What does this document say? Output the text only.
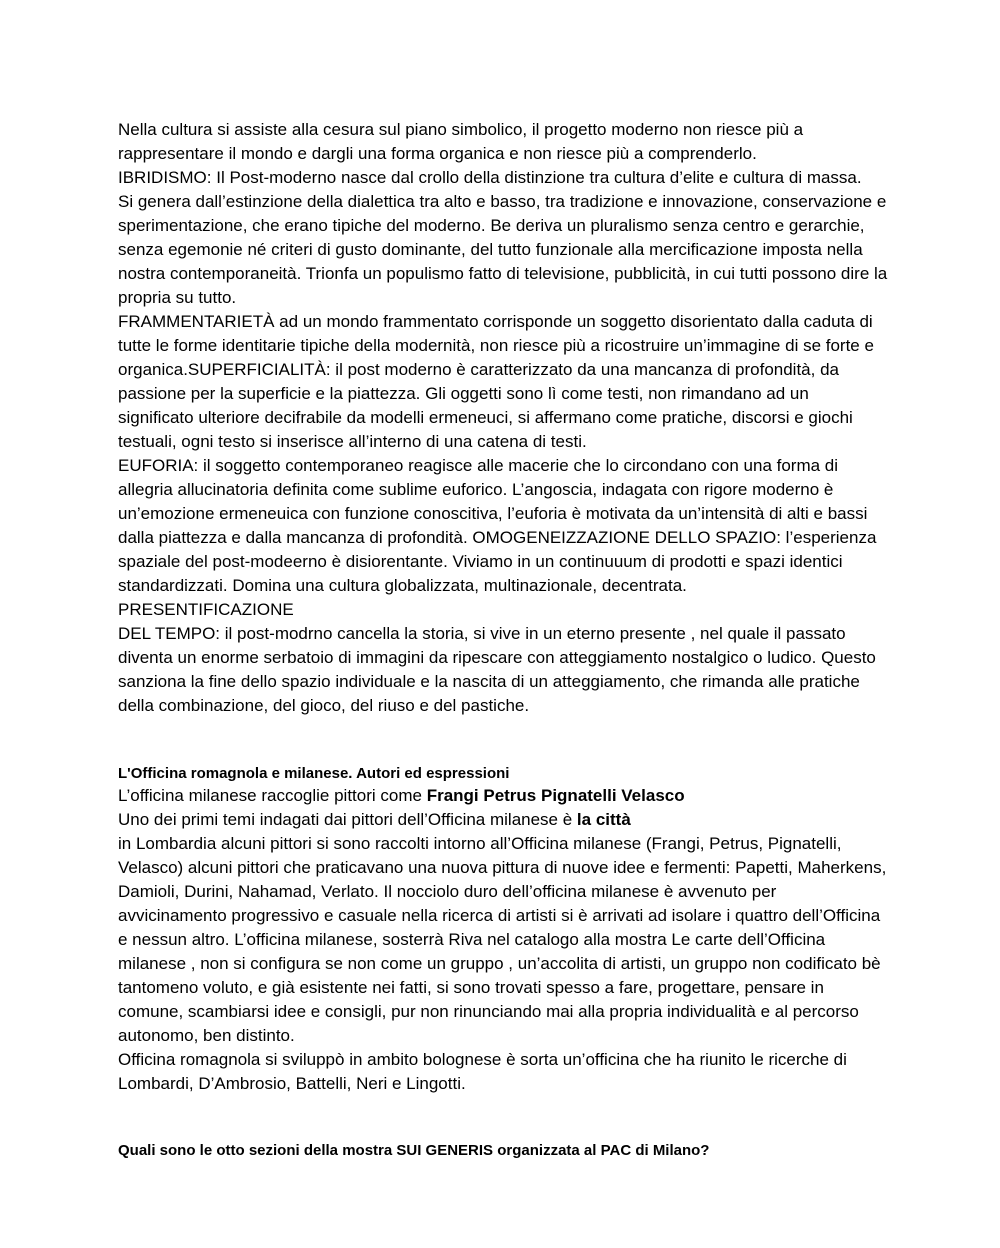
Nella cultura si assiste alla cesura sul piano simbolico, il progetto moderno non riesce più a rappresentare il mondo e dargli una forma organica e non riesce più a comprenderlo.

IBRIDISMO: Il Post-moderno nasce dal crollo della distinzione tra cultura d’elite e cultura di massa.

Si genera dall’estinzione della dialettica tra alto e basso, tra tradizione e innovazione, conservazione e sperimentazione, che erano tipiche del moderno. Be deriva un pluralismo senza centro e gerarchie, senza egemonie né criteri di gusto dominante, del tutto funzionale alla mercificazione imposta nella nostra contemporaneità. Trionfa un populismo fatto di televisione, pubblicità, in cui tutti possono dire la propria su tutto.

FRAMMENTARIETÀ ad un mondo frammentato corrisponde un soggetto disorientato dalla caduta di tutte le forme identitarie tipiche della modernità, non riesce più a ricostruire un’immagine di se forte e organica.SUPERFICIALITÀ: il post moderno è caratterizzato da una mancanza di profondità, da passione per la superficie e la piattezza. Gli oggetti sono lì come testi, non rimandano ad un significato ulteriore decifrabile da modelli ermeneuci, si affermano come pratiche, discorsi e giochi testuali, ogni testo si inserisce all’interno di una catena di testi.

EUFORIA: il soggetto contemporaneo reagisce alle macerie che lo circondano con una forma di allegria allucinatoria definita come sublime euforico. L’angoscia, indagata con rigore moderno è un’emozione ermeneuica con funzione conoscitiva, l’euforia è motivata da un’intensità di alti e bassi dalla piattezza e dalla mancanza di profondità. OMOGENEIZZAZIONE DELLO SPAZIO: l’esperienza spaziale del post-modeerno è disiorentante. Viviamo in un continuuum di prodotti e spazi identici standardizzati. Domina una cultura globalizzata, multinazionale, decentrata.

PRESENTIFICAZIONE

DEL TEMPO: il post-modrno cancella la storia, si vive in un eterno presente , nel quale il passato diventa un enorme serbatoio di immagini da ripescare con atteggiamento nostalgico o ludico. Questo sanziona la fine dello spazio individuale e la nascita di un atteggiamento, che rimanda alle pratiche della combinazione, del gioco, del riuso e del pastiche.

L'Officina romagnola e milanese. Autori ed espressioni

L’officina milanese raccoglie pittori come Frangi Petrus Pignatelli Velasco

Uno dei primi temi indagati dai pittori dell’Officina milanese è la città

in Lombardia alcuni pittori si sono raccolti intorno all’Officina milanese (Frangi, Petrus, Pignatelli,

Velasco) alcuni pittori che praticavano una nuova pittura di nuove idee e fermenti: Papetti, Maherkens, Damioli, Durini, Nahamad, Verlato. Il nocciolo duro dell’officina milanese è avvenuto per avvicinamento progressivo e casuale nella ricerca di artisti si è arrivati ad isolare i quattro dell’Officina e nessun altro. L’officina milanese, sosterrà Riva nel catalogo alla mostra Le carte dell’Officina milanese , non si configura se non come un gruppo , un’accolita di artisti, un gruppo non codificato bè tantomeno voluto, e già esistente nei fatti, si sono trovati spesso a fare, progettare, pensare in comune, scambiarsi idee e consigli, pur non rinunciando mai alla propria individualità e al percorso autonomo, ben distinto.

Officina romagnola si sviluppò in ambito bolognese è sorta un’officina che ha riunito le ricerche di Lombardi, D’Ambrosio, Battelli, Neri e Lingotti.

Quali sono le otto sezioni della mostra SUI GENERIS organizzata al PAC di Milano?
